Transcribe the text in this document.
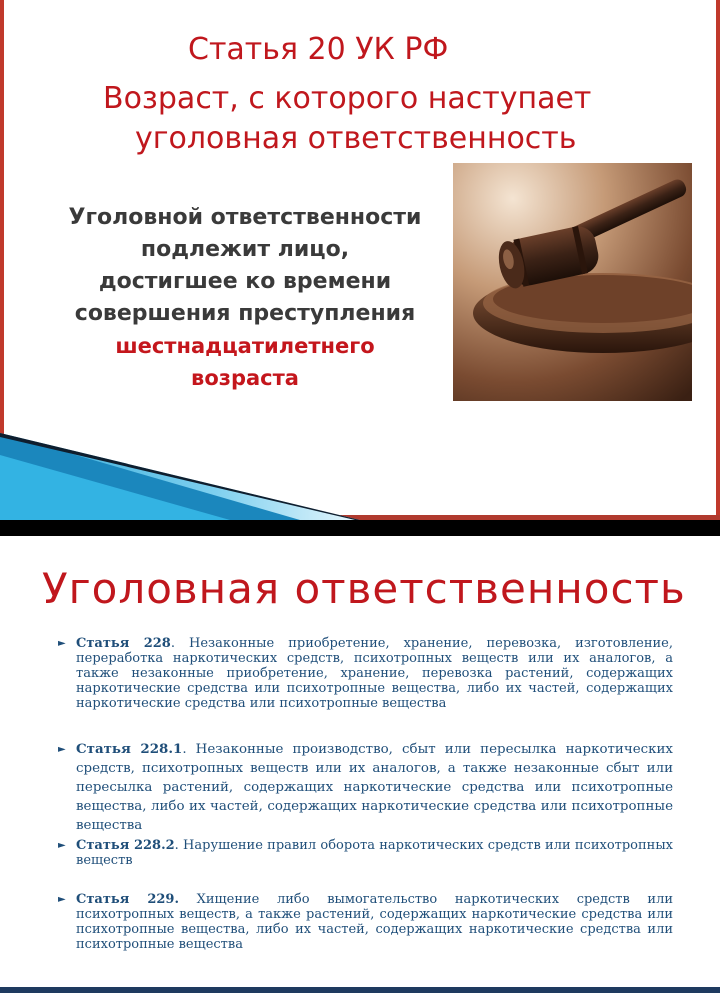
Статья 20 УК РФ
Возраст, с которого наступает
уголовная ответственность
Уголовной ответственности
подлежит лицо,
достигшее ко времени
совершения преступления
шестнадцатилетнего
возраста
Уголовная ответственность
► Статья 228. Незаконные приобретение, хранение, перевозка, изготовление, переработка наркотических средств, психотропных веществ или их аналогов, а также незаконные приобретение, хранение, перевозка растений, содержащих наркотические средства или психотропные вещества, либо их частей, содержащих наркотические средства или психотропные вещества
► Статья 228.1. Незаконные производство, сбыт или пересылка наркотических средств, психотропных веществ или их аналогов, а также незаконные сбыт или пересылка растений, содержащих наркотические средства или психотропные вещества, либо их частей, содержащих наркотические средства или психотропные вещества
► Статья 228.2. Нарушение правил оборота наркотических средств или психотропных веществ
► Статья 229. Хищение либо вымогательство наркотических средств или психотропных веществ, а также растений, содержащих наркотические средства или психотропные вещества, либо их частей, содержащих наркотические средства или психотропные вещества
